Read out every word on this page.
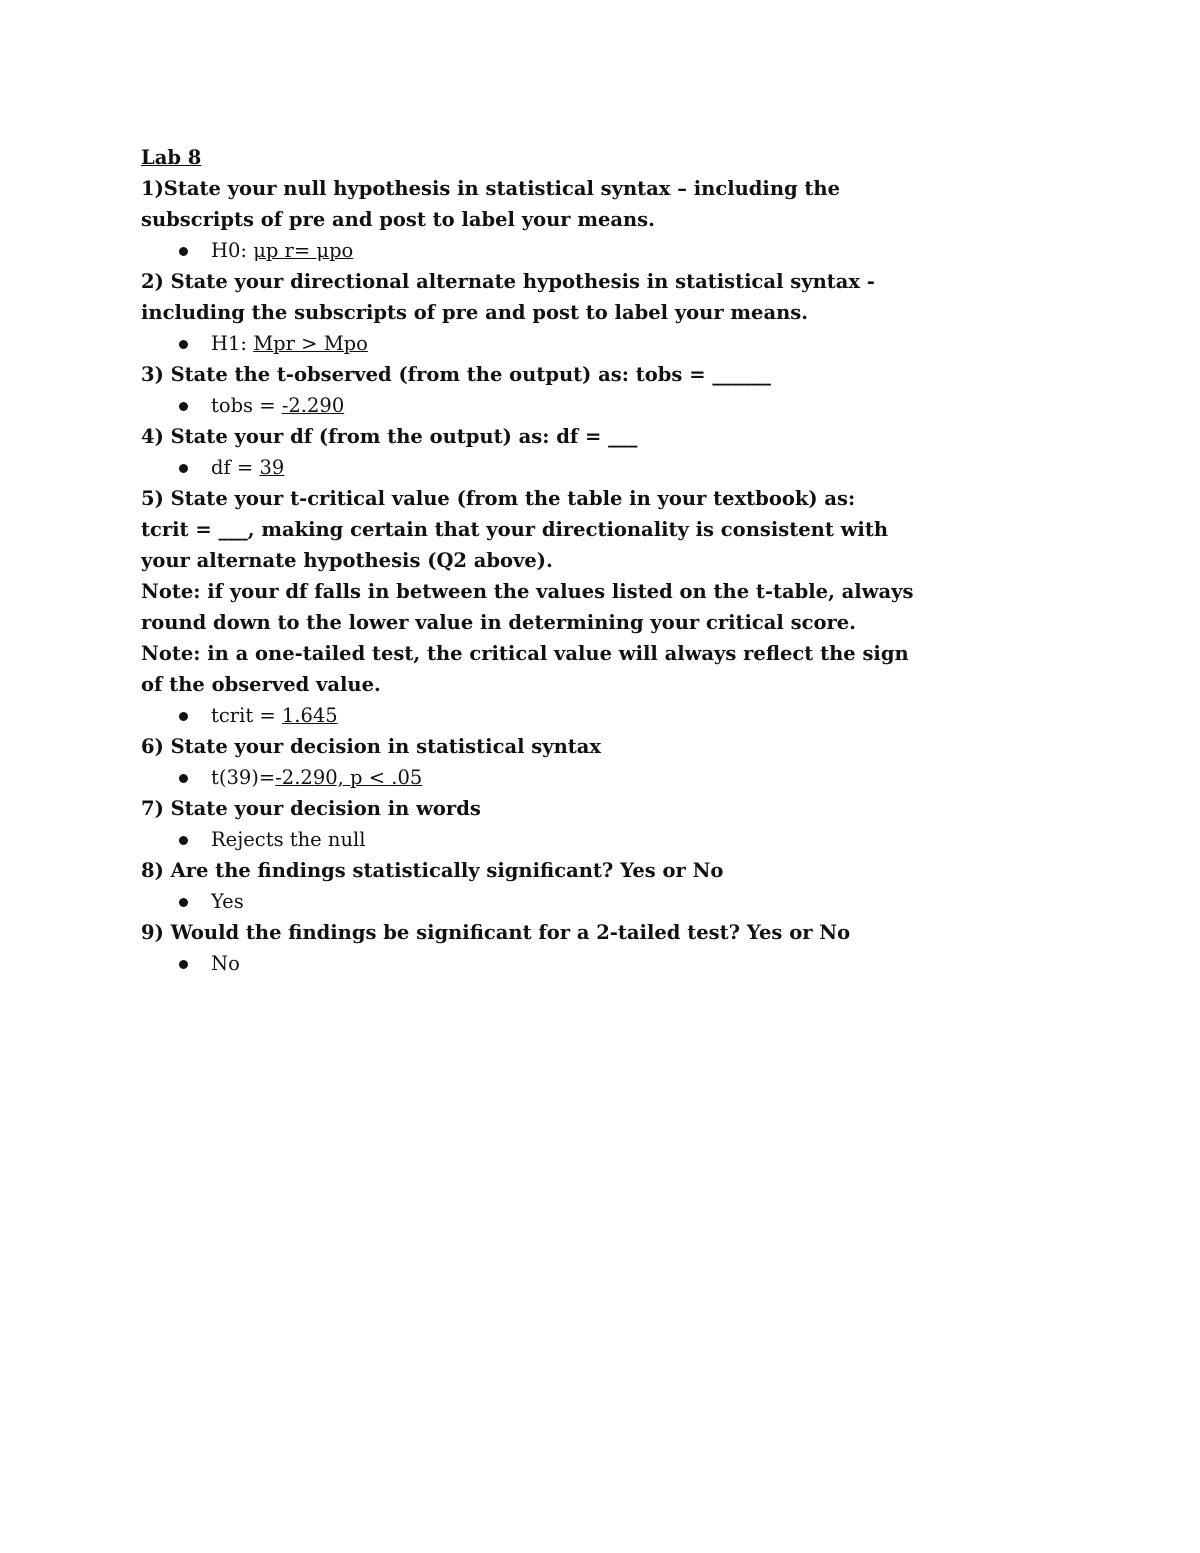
Lab 8
1)State your null hypothesis in statistical syntax – including the
subscripts of pre and post to label your means.
H0: μp r= μpo
2) State your directional alternate hypothesis in statistical syntax -
including the subscripts of pre and post to label your means.
H1: Mpr > Mpo
3) State the t-observed (from the output) as: tobs = ______
tobs = -2.290
4) State your df (from the output) as: df = ___
df = 39
5) State your t-critical value (from the table in your textbook) as:
tcrit = ___, making certain that your directionality is consistent with
your alternate hypothesis (Q2 above).
Note: if your df falls in between the values listed on the t-table, always
round down to the lower value in determining your critical score.
Note: in a one-tailed test, the critical value will always reflect the sign
of the observed value.
tcrit = 1.645
6) State your decision in statistical syntax
t(39)=-2.290, p < .05
7) State your decision in words
Rejects the null
8) Are the findings statistically significant? Yes or No
Yes
9) Would the findings be significant for a 2-tailed test? Yes or No
No
